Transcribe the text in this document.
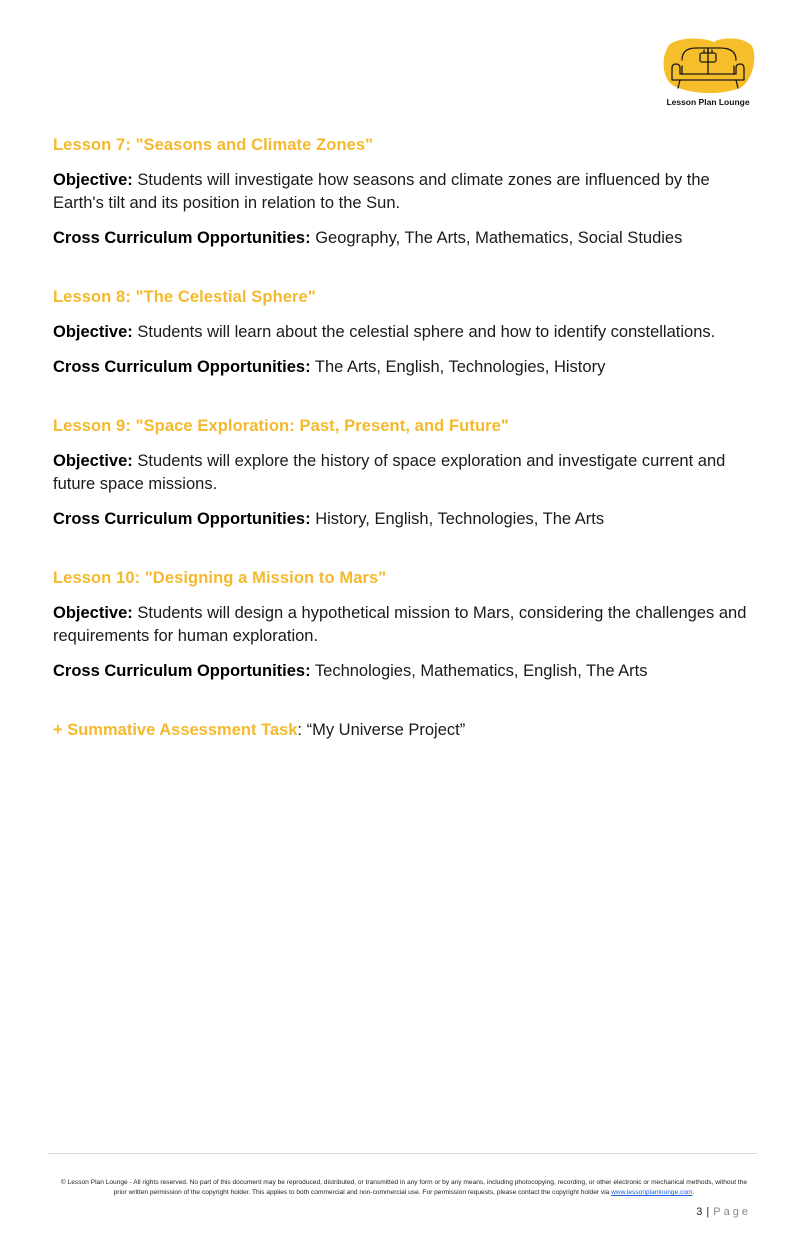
Lesson Plan Lounge
Lesson 7: "Seasons and Climate Zones"

Objective: Students will investigate how seasons and climate zones are influenced by the Earth's tilt and its position in relation to the Sun.

Cross Curriculum Opportunities: Geography, The Arts, Mathematics, Social Studies

Lesson 8: "The Celestial Sphere"

Objective: Students will learn about the celestial sphere and how to identify constellations.

Cross Curriculum Opportunities: The Arts, English, Technologies, History

Lesson 9: "Space Exploration: Past, Present, and Future"

Objective: Students will explore the history of space exploration and investigate current and future space missions.

Cross Curriculum Opportunities: History, English, Technologies, The Arts

Lesson 10: "Designing a Mission to Mars"

Objective: Students will design a hypothetical mission to Mars, considering the challenges and requirements for human exploration.

Cross Curriculum Opportunities: Technologies, Mathematics, English, The Arts

+ Summative Assessment Task: “My Universe Project”
© Lesson Plan Lounge - All rights reserved. No part of this document may be reproduced, distributed, or transmitted in any form or by any means, including photocopying, recording, or other electronic or mechanical methods, without the prior written permission of the copyright holder. This applies to both commercial and non-commercial use. For permission requests, please contact the copyright holder via www.lessonplanlounge.com.
3 | Page
